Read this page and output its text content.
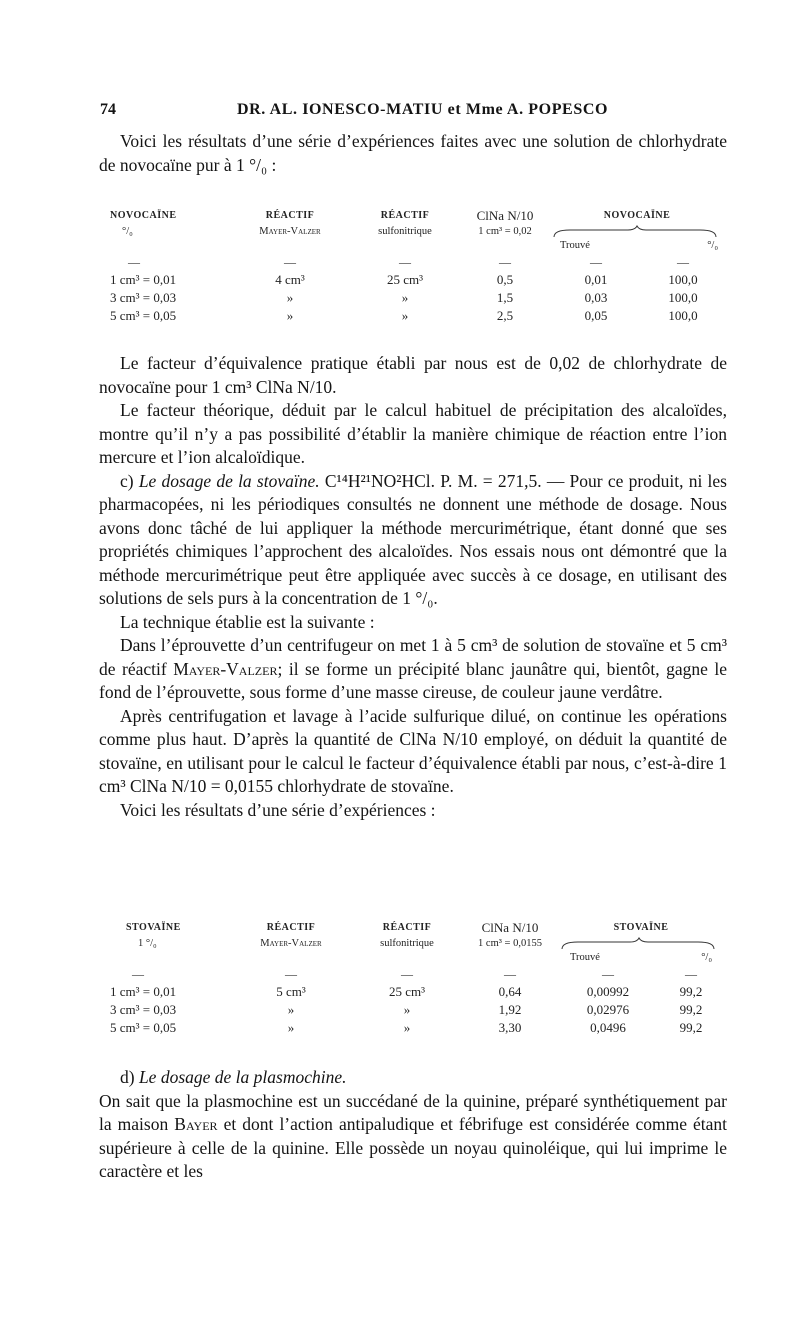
74	DR. AL. IONESCO-MATIU et Mme A. POPESCO

Voici les résultats d’une série d’expériences faites avec une solution de chlorhydrate de novocaïne pur à 1 °/₀ :

NOVOCAÏNE	RÉACTIF	RÉACTIF	ClNa N/10	NOVOCAÏNE	
°/₀	Mayer-Valzer	sulfonitrique	1 cm³ = 0,02	Trouvé °/₀	

—	—	—	—	—	—
1 cm³ = 0,01	4 cm³	25 cm³	0,5	0,01	100,0
3 cm³ = 0,03	»	»	1,5	0,03	100,0
5 cm³ = 0,05	»	»	2,5	0,05	100,0

Le facteur d’équivalence pratique établi par nous est de 0,02 de chlorhydrate de novocaïne pour 1 cm³ ClNa N/10.

Le facteur théorique, déduit par le calcul habituel de précipitation des alcaloïdes, montre qu’il n’y a pas possibilité d’établir la manière chimique de réaction entre l’ion mercure et l’ion alcaloïdique.

c) Le dosage de la stovaïne. C¹⁴H²¹NO²HCl. P. M. = 271,5. — Pour ce produit, ni les pharmacopées, ni les périodiques consultés ne donnent une méthode de dosage. Nous avons donc tâché de lui appliquer la méthode mercurimétrique, étant donné que ses propriétés chimiques l’approchent des alcaloïdes. Nos essais nous ont démontré que la méthode mercurimétrique peut être appliquée avec succès à ce dosage, en utilisant des solutions de sels purs à la concentration de 1 °/₀.

La technique établie est la suivante :

Dans l’éprouvette d’un centrifugeur on met 1 à 5 cm³ de solution de stovaïne et 5 cm³ de réactif Mayer-Valzer; il se forme un précipité blanc jaunâtre qui, bientôt, gagne le fond de l’éprouvette, sous forme d’une masse cireuse, de couleur jaune verdâtre.

Après centrifugation et lavage à l’acide sulfurique dilué, on continue les opérations comme plus haut. D’après la quantité de ClNa N/10 employé, on déduit la quantité de stovaïne, en utilisant pour le calcul le facteur d’équivalence établi par nous, c’est-à-dire 1 cm³ ClNa N/10 = 0,0155 chlorhydrate de stovaïne.

Voici les résultats d’une série d’expériences :

STOVAÏNE	RÉACTIF	RÉACTIF	ClNa N/10	STOVAÏNE	
1 °/₀	Mayer-Valzer	sulfonitrique	1 cm³ = 0,0155	Trouvé °/₀	

—	—	—	—	—	—
1 cm³ = 0,01	5 cm³	25 cm³	0,64	0,00992	99,2
3 cm³ = 0,03	»	»	1,92	0,02976	99,2
5 cm³ = 0,05	»	»	3,30	0,0496	99,2

d) Le dosage de la plasmochine.

On sait que la plasmochine est un succédané de la quinine, préparé synthétiquement par la maison Bayer et dont l’action antipaludique et fébrifuge est considérée comme étant supérieure à celle de la quinine. Elle possède un noyau quinoléique, qui lui imprime le caractère et les
